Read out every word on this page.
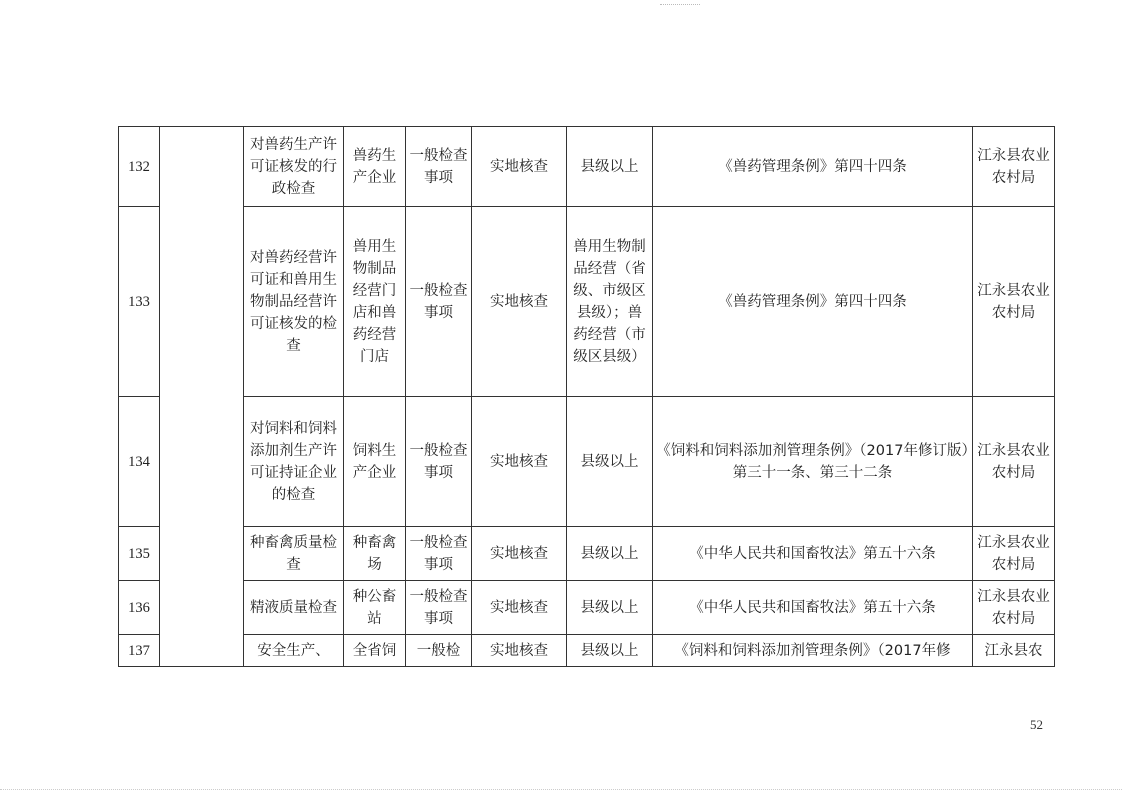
132		对兽药生产许可证核发的行政检查	兽药生产企业	一般检查事项	实地核查	县级以上	《兽药管理条例》第四十四条	江永县农业农村局
133		对兽药经营许可证和兽用生物制品经营许可证核发的检查	兽用生物制品经营门店和兽药经营门店	一般检查事项	实地核查	兽用生物制品经营（省级、市级区县级）；兽药经营（市级区县级）	《兽药管理条例》第四十四条	江永县农业农村局
134		对饲料和饲料添加剂生产许可证持证企业的检查	饲料生产企业	一般检查事项	实地核查	县级以上	《饲料和饲料添加剂管理条例》（2017年修订版）第三十一条、第三十二条	江永县农业农村局
135		种畜禽质量检查	种畜禽场	一般检查事项	实地核查	县级以上	《中华人民共和国畜牧法》第五十六条	江永县农业农村局
136		精液质量检查	种公畜站	一般检查事项	实地核查	县级以上	《中华人民共和国畜牧法》第五十六条	江永县农业农村局
137		安全生产、	全省饲	一般检	实地核查	县级以上	《饲料和饲料添加剂管理条例》（2017年修	江永县农
52
